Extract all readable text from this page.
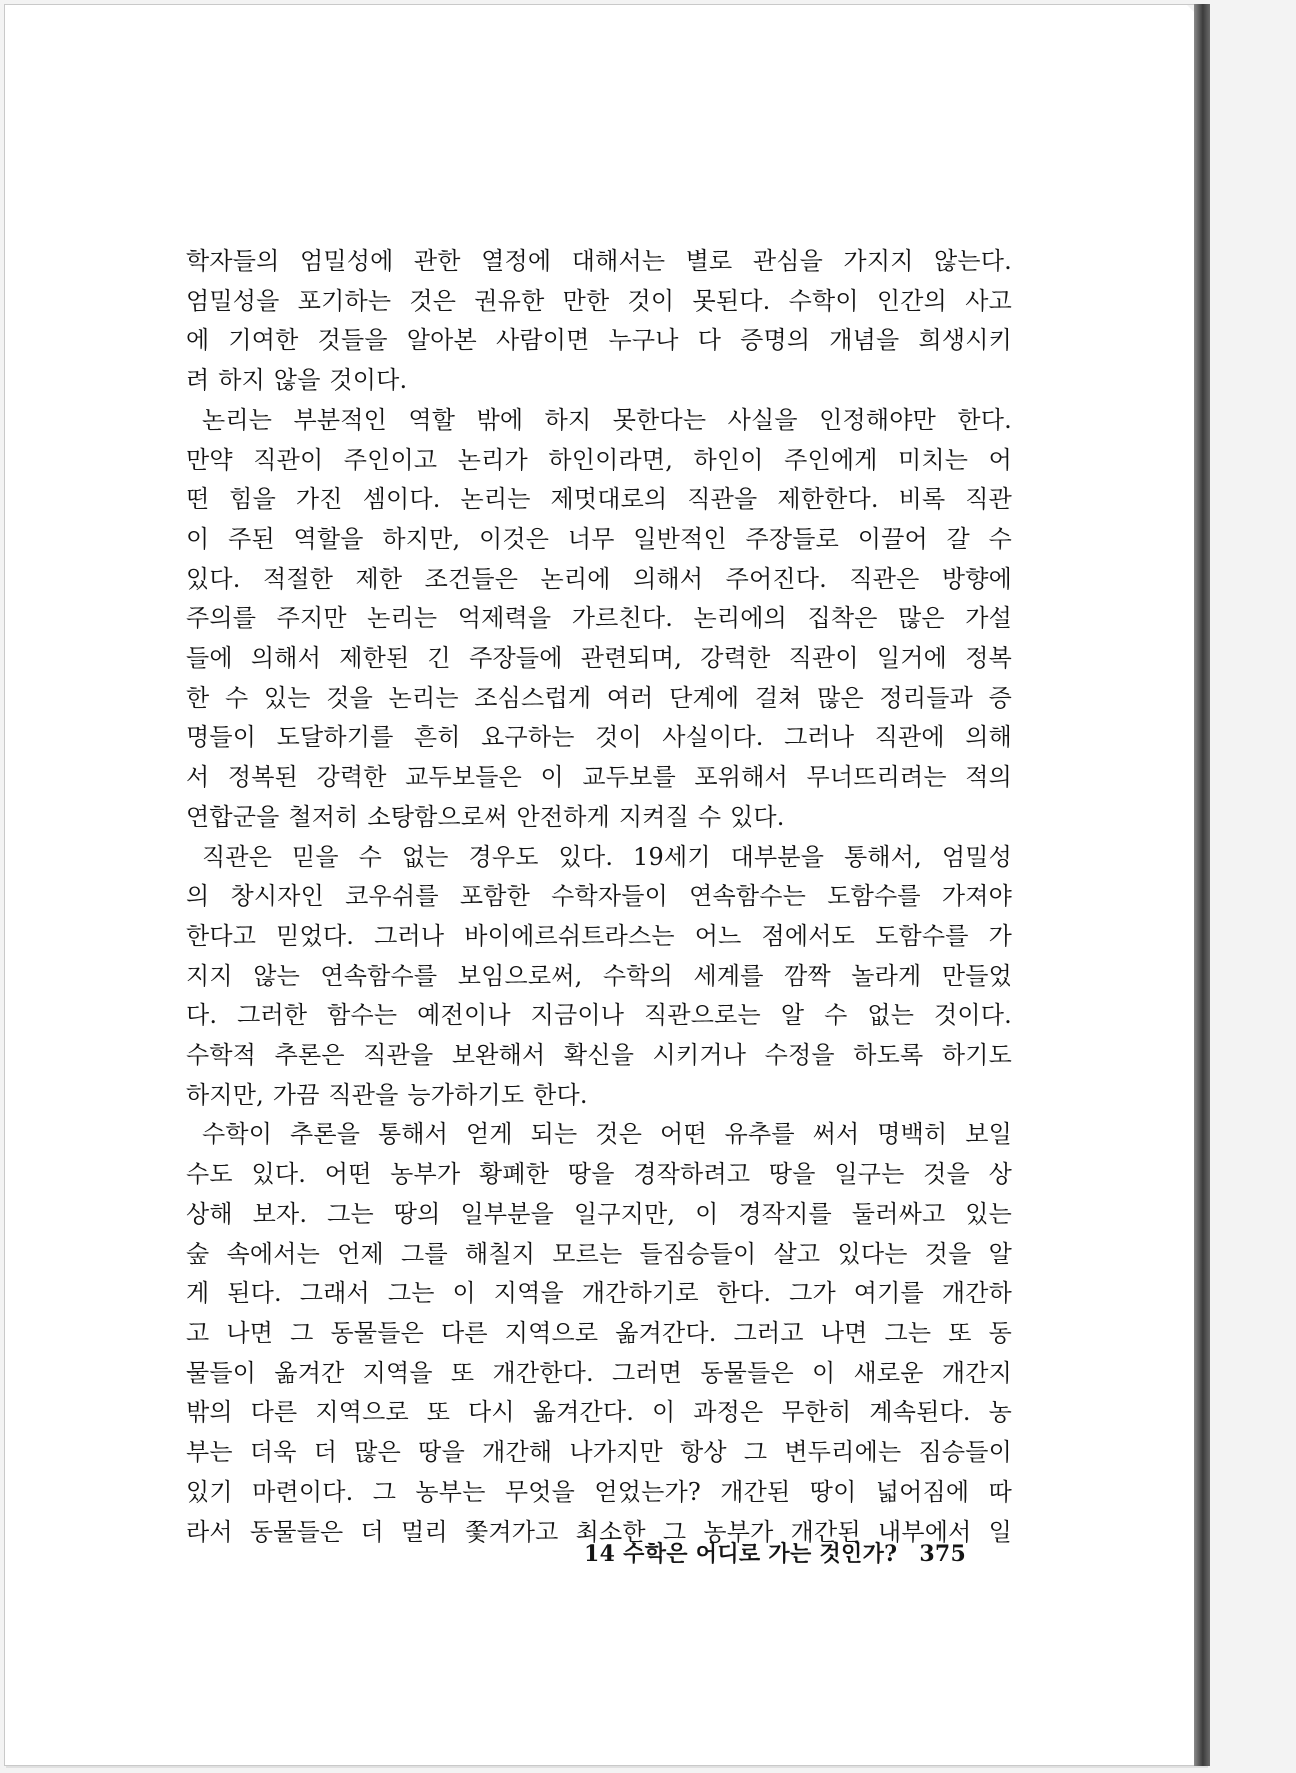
학자들의 엄밀성에 관한 열정에 대해서는 별로 관심을 가지지 않는다.
엄밀성을 포기하는 것은 권유한 만한 것이 못된다. 수학이 인간의 사고
에 기여한 것들을 알아본 사람이면 누구나 다 증명의 개념을 희생시키
려 하지 않을 것이다.

논리는 부분적인 역할 밖에 하지 못한다는 사실을 인정해야만 한다.
만약 직관이 주인이고 논리가 하인이라면, 하인이 주인에게 미치는 어
떤 힘을 가진 셈이다. 논리는 제멋대로의 직관을 제한한다. 비록 직관
이 주된 역할을 하지만, 이것은 너무 일반적인 주장들로 이끌어 갈 수
있다. 적절한 제한 조건들은 논리에 의해서 주어진다. 직관은 방향에
주의를 주지만 논리는 억제력을 가르친다. 논리에의 집착은 많은 가설
들에 의해서 제한된 긴 주장들에 관련되며, 강력한 직관이 일거에 정복
한 수 있는 것을 논리는 조심스럽게 여러 단계에 걸쳐 많은 정리들과 증
명들이 도달하기를 흔히 요구하는 것이 사실이다. 그러나 직관에 의해
서 정복된 강력한 교두보들은 이 교두보를 포위해서 무너뜨리려는 적의
연합군을 철저히 소탕함으로써 안전하게 지켜질 수 있다.

직관은 믿을 수 없는 경우도 있다. 19세기 대부분을 통해서, 엄밀성
의 창시자인 코우쉬를 포함한 수학자들이 연속함수는 도함수를 가져야
한다고 믿었다. 그러나 바이에르쉬트라스는 어느 점에서도 도함수를 가
지지 않는 연속함수를 보임으로써, 수학의 세계를 깜짝 놀라게 만들었
다. 그러한 함수는 예전이나 지금이나 직관으로는 알 수 없는 것이다.
수학적 추론은 직관을 보완해서 확신을 시키거나 수정을 하도록 하기도
하지만, 가끔 직관을 능가하기도 한다.

수학이 추론을 통해서 얻게 되는 것은 어떤 유추를 써서 명백히 보일
수도 있다. 어떤 농부가 황폐한 땅을 경작하려고 땅을 일구는 것을 상
상해 보자. 그는 땅의 일부분을 일구지만, 이 경작지를 둘러싸고 있는
숲 속에서는 언제 그를 해칠지 모르는 들짐승들이 살고 있다는 것을 알
게 된다. 그래서 그는 이 지역을 개간하기로 한다. 그가 여기를 개간하
고 나면 그 동물들은 다른 지역으로 옮겨간다. 그러고 나면 그는 또 동
물들이 옮겨간 지역을 또 개간한다. 그러면 동물들은 이 새로운 개간지
밖의 다른 지역으로 또 다시 옮겨간다. 이 과정은 무한히 계속된다. 농
부는 더욱 더 많은 땅을 개간해 나가지만 항상 그 변두리에는 짐승들이
있기 마련이다. 그 농부는 무엇을 얻었는가? 개간된 땅이 넓어짐에 따
라서 동물들은 더 멀리 쫓겨가고 최소한 그 농부가 개간된 내부에서 일

14 수학은 어디로 가는 것인가? 375
